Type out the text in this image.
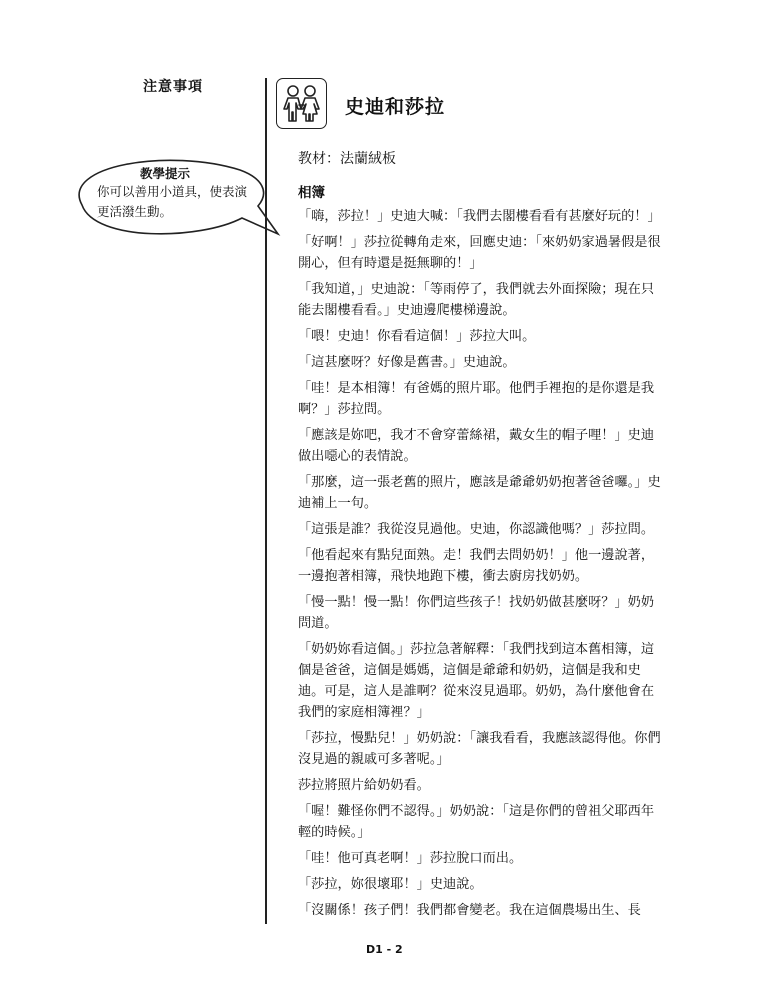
注意事項
教學提示
你可以善用小道具，使表演更活潑生動。
史迪和莎拉
教材：法蘭絨板
相簿

「嗨，莎拉！」史迪大喊：「我們去閣樓看看有甚麼好玩的！」

「好啊！」莎拉從轉角走來，回應史迪：「來奶奶家過暑假是很開心，但有時還是挺無聊的！」

「我知道，」史迪說：「等雨停了，我們就去外面探險；現在只能去閣樓看看。」史迪邊爬樓梯邊說。

「喂！史迪！你看看這個！」莎拉大叫。

「這甚麼呀？好像是舊書。」史迪說。

「哇！是本相簿！有爸媽的照片耶。他們手裡抱的是你還是我啊？」莎拉問。

「應該是妳吧，我才不會穿蕾絲裙，戴女生的帽子哩！」史迪做出噁心的表情說。

「那麼，這一張老舊的照片，應該是爺爺奶奶抱著爸爸囉。」史迪補上一句。

「這張是誰？我從沒見過他。史迪，你認識他嗎？」莎拉問。

「他看起來有點兒面熟。走！我們去問奶奶！」他一邊說著，一邊抱著相簿，飛快地跑下樓，衝去廚房找奶奶。

「慢一點！慢一點！你們這些孩子！找奶奶做甚麼呀？」奶奶問道。

「奶奶妳看這個。」莎拉急著解釋：「我們找到這本舊相簿，這個是爸爸，這個是媽媽，這個是爺爺和奶奶，這個是我和史迪。可是，這人是誰啊？從來沒見過耶。奶奶，為什麼他會在我們的家庭相簿裡？」

「莎拉，慢點兒！」奶奶說：「讓我看看，我應該認得他。你們沒見過的親戚可多著呢。」

莎拉將照片給奶奶看。

「喔！難怪你們不認得。」奶奶說：「這是你們的曾祖父耶西年輕的時候。」

「哇！他可真老啊！」莎拉脫口而出。

「莎拉，妳很壞耶！」史迪說。

「沒關係！孩子們！我們都會變老。我在這個農場出生、長

D1 - 2
